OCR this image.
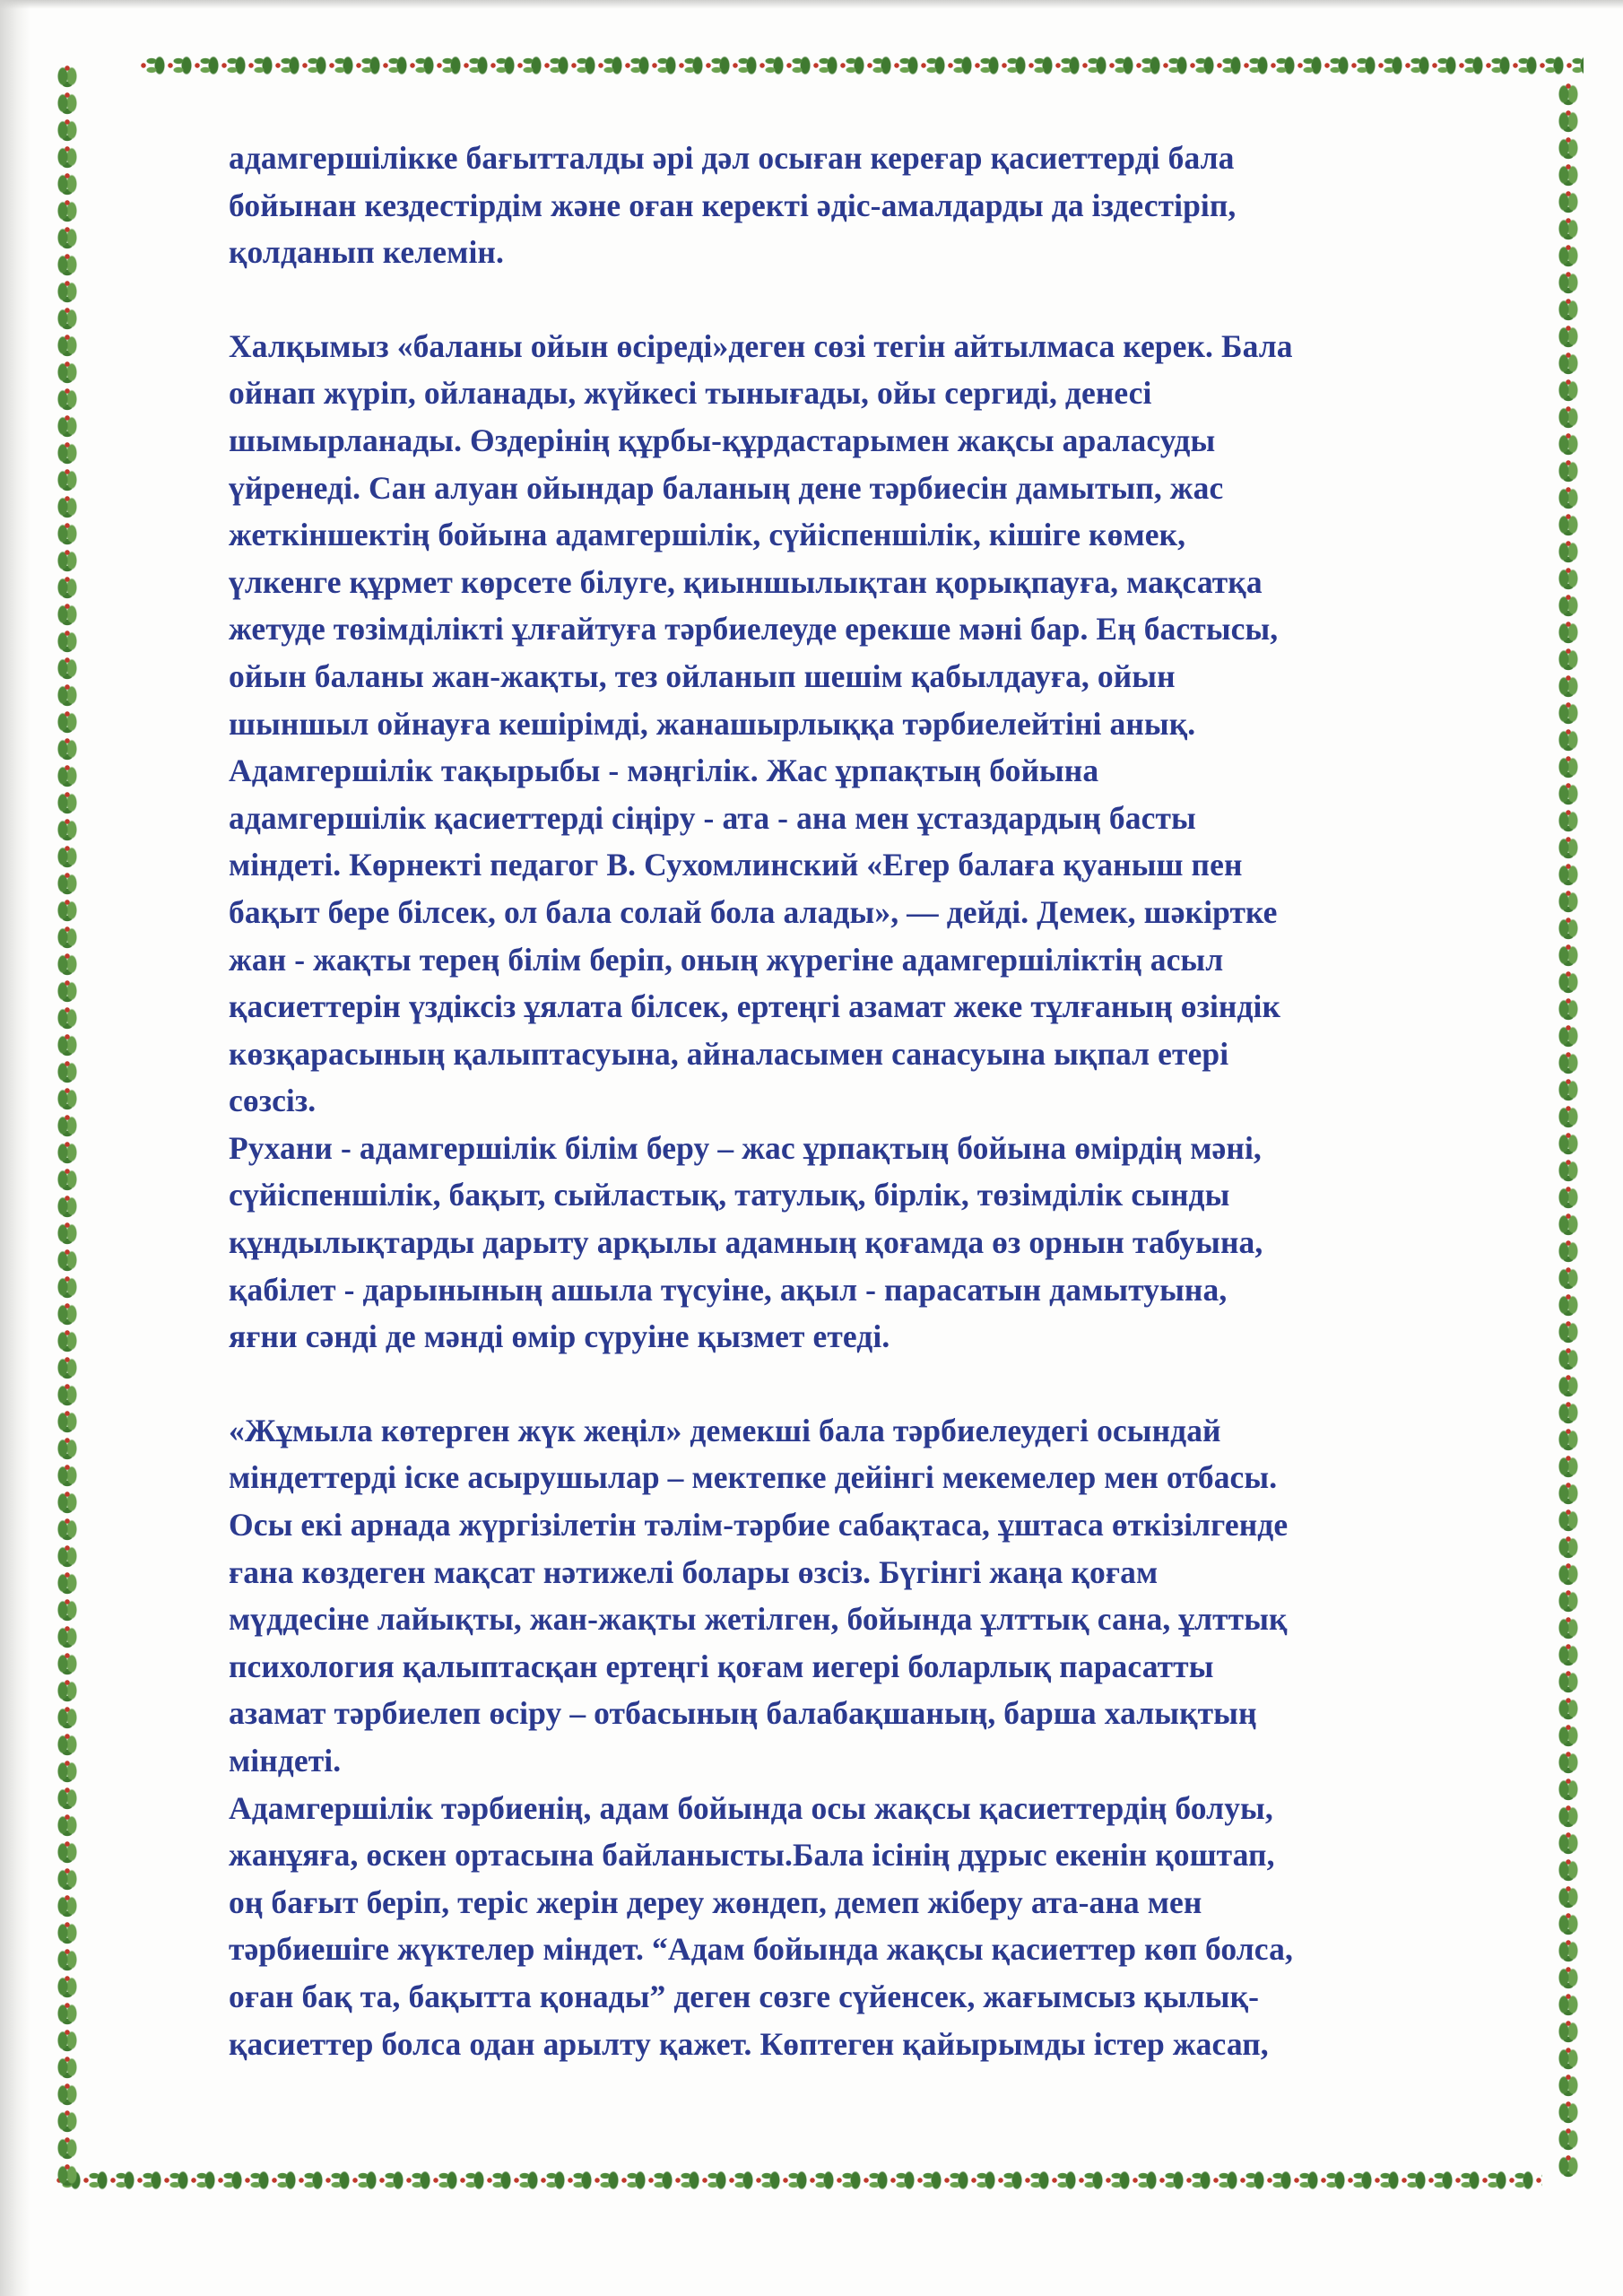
адамгершілікке бағытталды әрі дәл осыған кереғар қасиеттерді бала
бойынан кездестірдім және оған керекті әдіс-амалдарды да іздестіріп,
қолданып келемін.

Халқымыз «баланы ойын өсіреді»деген сөзі тегін айтылмаса керек. Бала
ойнап жүріп, ойланады, жүйкесі тынығады, ойы сергиді, денесі
шымырланады. Өздерінің құрбы-құрдастарымен жақсы араласуды
үйренеді. Сан алуан ойындар баланың дене тәрбиесін дамытып, жас
жеткіншектің бойына адамгершілік, сүйіспеншілік, кішіге көмек,
үлкенге құрмет көрсете білуге, қиыншылықтан қорықпауға, мақсатқа
жетуде төзімділікті ұлғайтуға тәрбиелеуде ерекше мәні бар. Ең бастысы,
ойын баланы жан-жақты, тез ойланып шешім қабылдауға, ойын
шыншыл ойнауға кешірімді, жанашырлыққа тәрбиелейтіні анық.
Адамгершілік тақырыбы - мәңгілік. Жас ұрпақтың бойына
адамгершілік қасиеттерді сіңіру - ата - ана мен ұстаздардың басты
міндеті. Көрнекті педагог В. Сухомлинский «Егер балаға қуаныш пен
бақыт бере білсек, ол бала солай бола алады», — дейді. Демек, шәкіртке
жан - жақты терең білім беріп, оның жүрегіне адамгершіліктің асыл
қасиеттерін үздіксіз ұялата білсек, ертеңгі азамат жеке тұлғаның өзіндік
көзқарасының қалыптасуына, айналасымен санасуына ықпал етері
сөзсіз.

Рухани - адамгершілік білім беру – жас ұрпақтың бойына өмірдің мәні,
сүйіспеншілік, бақыт, сыйластық, татулық, бірлік, төзімділік сынды
құндылықтарды дарыту арқылы адамның қоғамда өз орнын табуына,
қабілет - дарынының ашыла түсуіне, ақыл - парасатын дамытуына,
яғни сәнді де мәнді өмір сүруіне қызмет етеді.

«Жұмыла көтерген жүк жеңіл» демекші бала тәрбиелеудегі осындай
міндеттерді іске асырушылар – мектепке дейінгі мекемелер мен отбасы.
Осы екі арнада жүргізілетін тәлім-тәрбие сабақтаса, ұштаса өткізілгенде
ғана көздеген мақсат нәтижелі болары өзсіз. Бүгінгі жаңа қоғам
мүддесіне лайықты, жан-жақты жетілген, бойында ұлттық сана, ұлттық
психология қалыптасқан ертеңгі қоғам иегері боларлық парасатты
азамат тәрбиелеп өсіру – отбасының балабақшаның, барша халықтың
міндеті.

Адамгершілік тәрбиенің, адам бойында осы жақсы қасиеттердің болуы,
жанұяға, өскен ортасына байланысты.Бала ісінің дұрыс екенін қоштап,
оң бағыт беріп, теріс жерін дереу жөндеп, демеп жіберу ата-ана мен
тәрбиешіге жүктелер міндет. “Адам бойында жақсы қасиеттер көп болса,
оған бақ та, бақытта қонады” деген сөзге сүйенсек, жағымсыз қылық-
қасиеттер болса одан арылту қажет. Көптеген қайырымды істер жасап,
